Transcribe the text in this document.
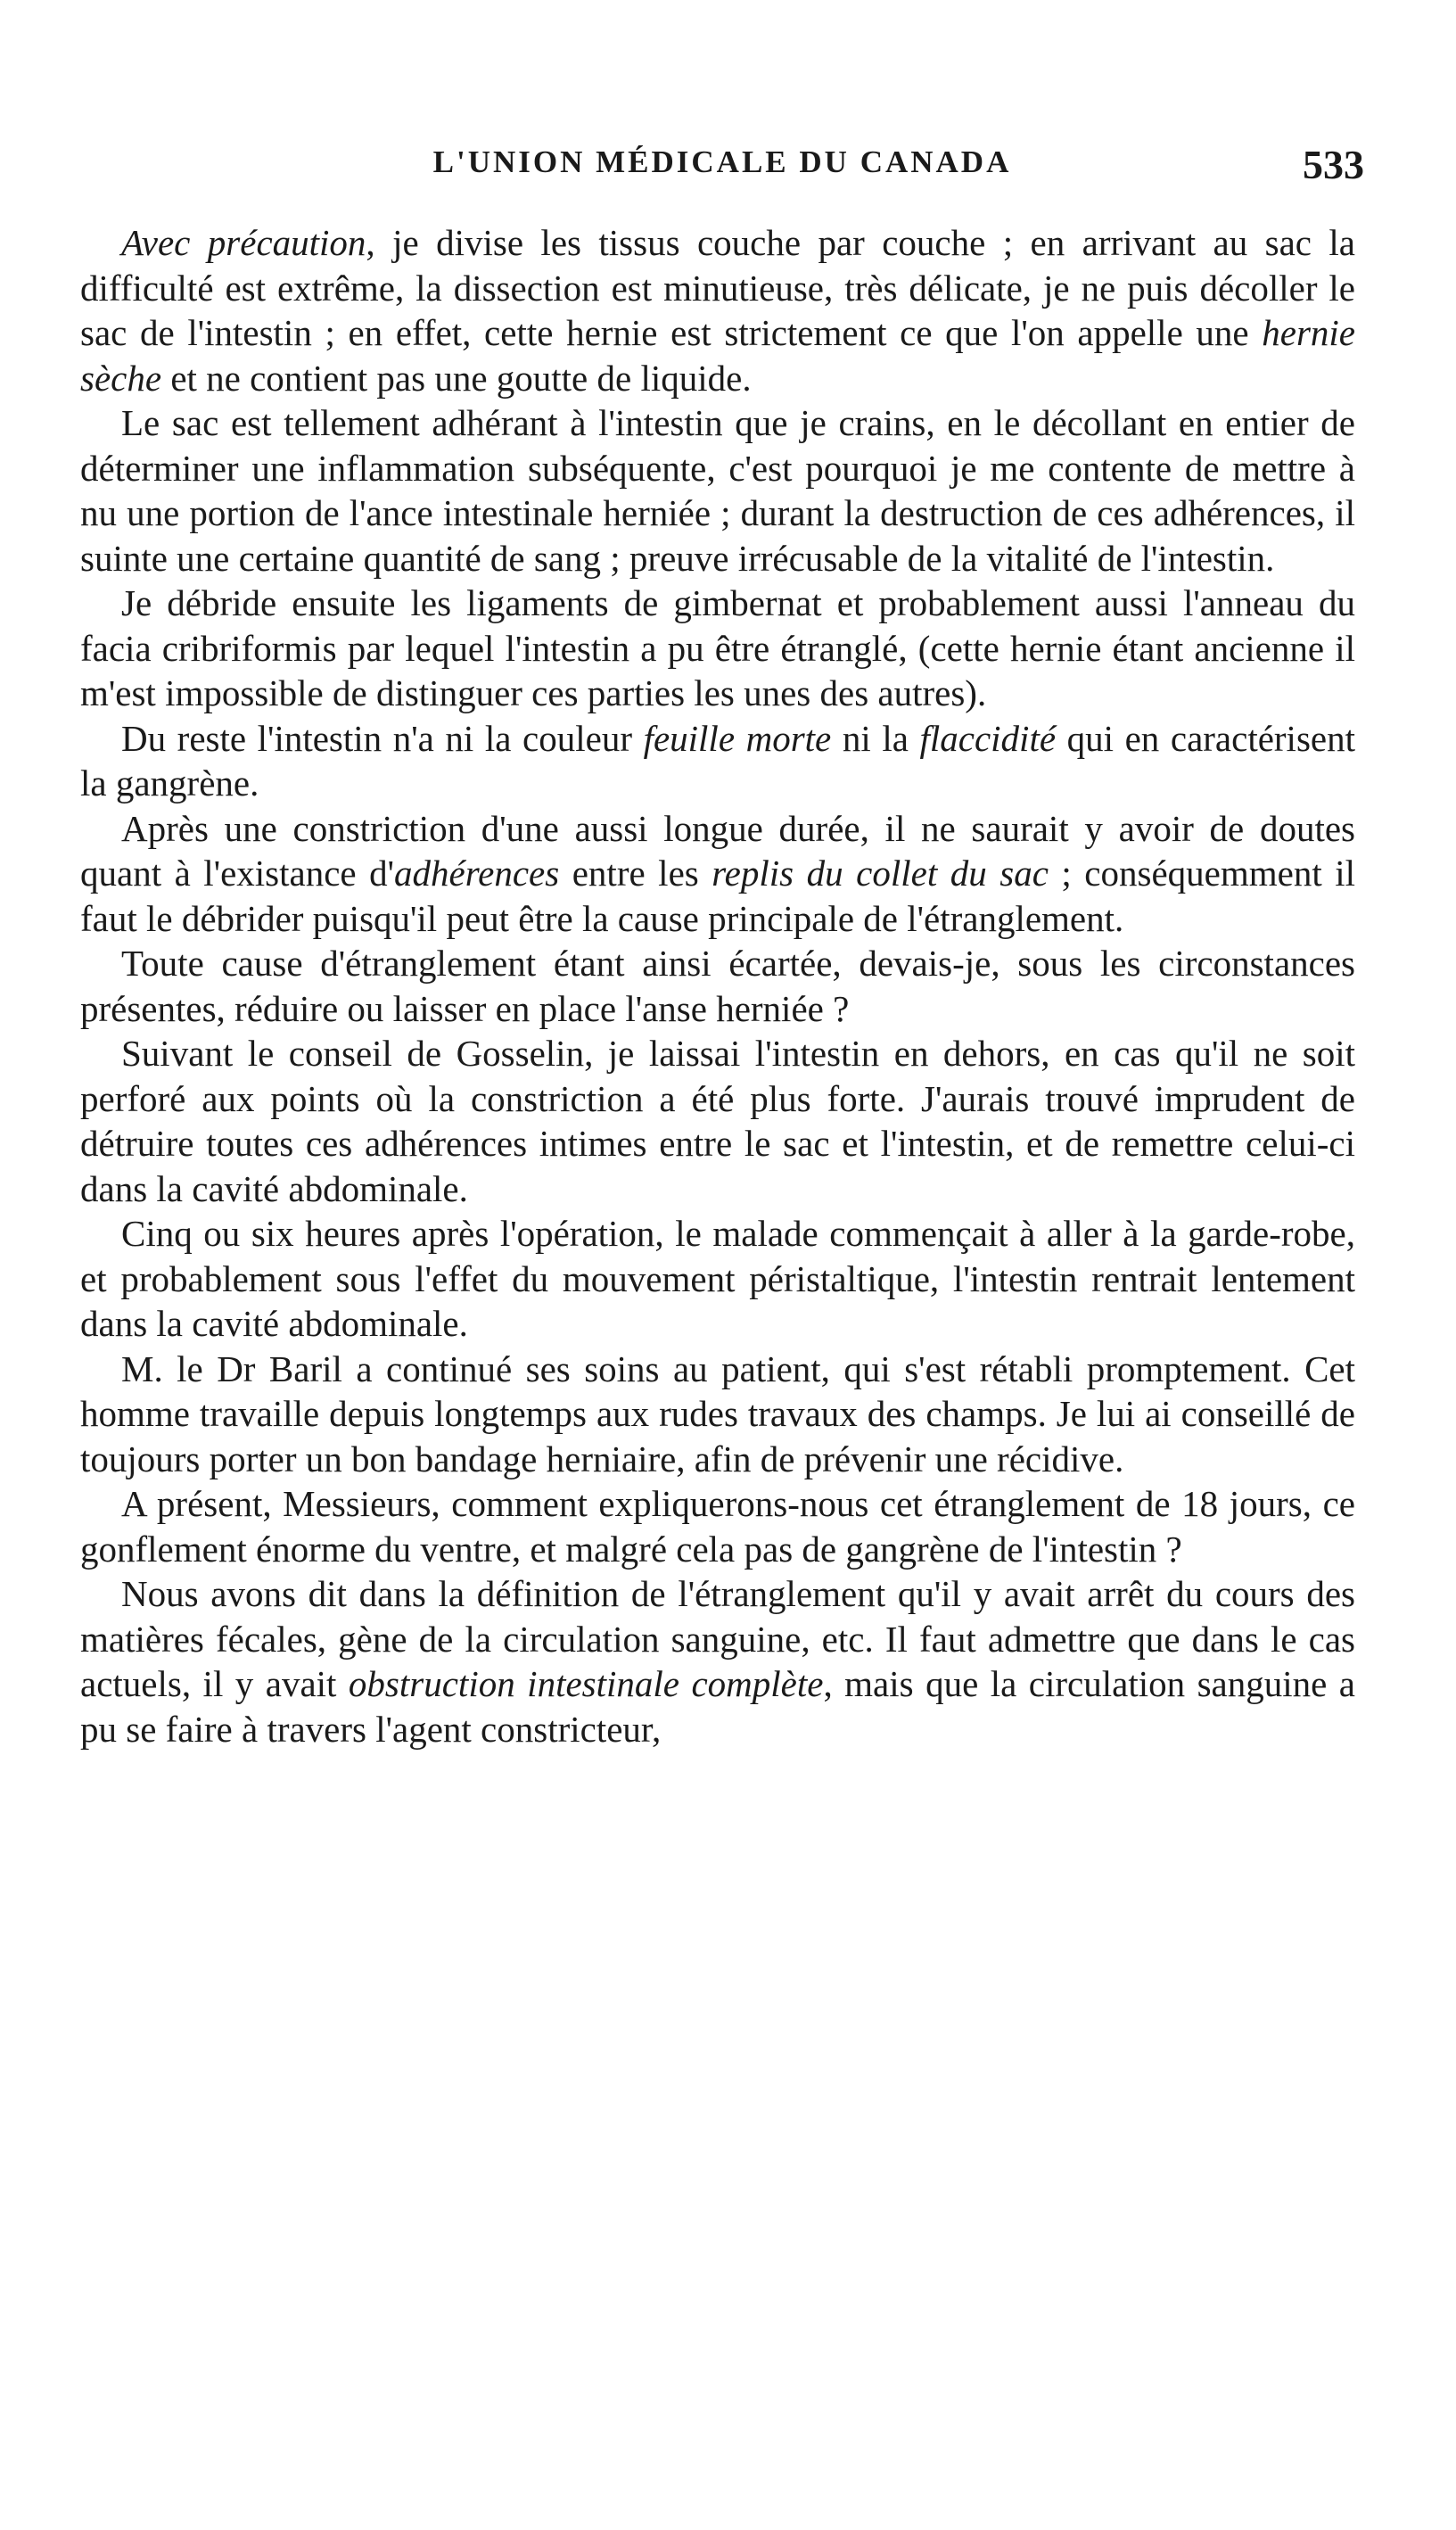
L'UNION MÉDICALE DU CANADA	533

Avec précaution, je divise les tissus couche par couche ; en arrivant au sac la difficulté est extrême, la dissection est minutieuse, très délicate, je ne puis décoller le sac de l'intestin ; en effet, cette hernie est strictement ce que l'on appelle une hernie sèche et ne contient pas une goutte de liquide.

Le sac est tellement adhérant à l'intestin que je crains, en le décollant en entier de déterminer une inflammation subséquente, c'est pourquoi je me contente de mettre à nu une portion de l'ance intestinale herniée ; durant la destruction de ces adhérences, il suinte une certaine quantité de sang ; preuve irrécusable de la vitalité de l'intestin.

Je débride ensuite les ligaments de gimbernat et probablement aussi l'anneau du facia cribriformis par lequel l'intestin a pu être étranglé, (cette hernie étant ancienne il m'est impossible de distinguer ces parties les unes des autres).

Du reste l'intestin n'a ni la couleur feuille morte ni la flaccidité qui en caractérisent la gangrène.

Après une constriction d'une aussi longue durée, il ne saurait y avoir de doutes quant à l'existance d'adhérences entre les replis du collet du sac ; conséquemment il faut le débrider puisqu'il peut être la cause principale de l'étranglement.

Toute cause d'étranglement étant ainsi écartée, devais-je, sous les circonstances présentes, réduire ou laisser en place l'anse herniée ?

Suivant le conseil de Gosselin, je laissai l'intestin en dehors, en cas qu'il ne soit perforé aux points où la constriction a été plus forte. J'aurais trouvé imprudent de détruire toutes ces adhérences intimes entre le sac et l'intestin, et de remettre celui-ci dans la cavité abdominale.

Cinq ou six heures après l'opération, le malade commençait à aller à la garde-robe, et probablement sous l'effet du mouvement péristaltique, l'intestin rentrait lentement dans la cavité abdominale.

M. le Dr Baril a continué ses soins au patient, qui s'est rétabli promptement. Cet homme travaille depuis longtemps aux rudes travaux des champs. Je lui ai conseillé de toujours porter un bon bandage herniaire, afin de prévenir une récidive.

A présent, Messieurs, comment expliquerons-nous cet étranglement de 18 jours, ce gonflement énorme du ventre, et malgré cela pas de gangrène de l'intestin ?

Nous avons dit dans la définition de l'étranglement qu'il y avait arrêt du cours des matières fécales, gène de la circulation sanguine, etc. Il faut admettre que dans le cas actuels, il y avait obstruction intestinale complète, mais que la circulation sanguine a pu se faire à travers l'agent constricteur,
